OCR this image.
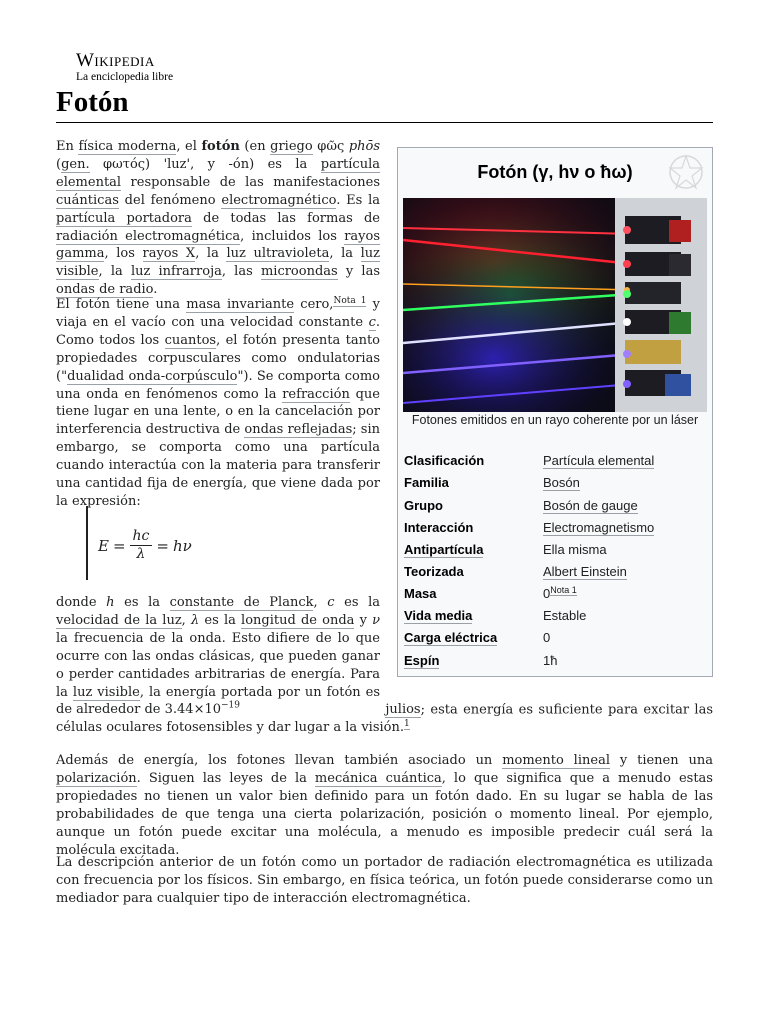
Wikipedia
La enciclopedia libre
Fotón

En física moderna, el fotón (en griego φῶς phōs (gen. φωτός) 'luz', y -ón) es la partícula elemental responsable de las manifestaciones cuánticas del fenómeno electromagnético. Es la partícula portadora de todas las formas de radiación electromagnética, incluidos los rayos gamma, los rayos X, la luz ultravioleta, la luz visible, la luz infrarroja, las microondas y las ondas de radio.

El fotón tiene una masa invariante cero,$^{Nota 1}$ y viaja en el vacío con una velocidad constante c. Como todos los cuantos, el fotón presenta tanto propiedades corpusculares como ondulatorias ("dualidad onda-corpúsculo"). Se comporta como una onda en fenómenos como la refracción que tiene lugar en una lente, o en la cancelación por interferencia destructiva de ondas reflejadas; sin embargo, se comporta como una partícula cuando interactúa con la materia para transferir una cantidad fija de energía, que viene dada por la expresión:

$E = \frac{hc}{\lambda} = h\nu$

donde h es la constante de Planck, c es la velocidad de la luz, λ es la longitud de onda y ν la frecuencia de la onda. Esto difiere de lo que ocurre con las ondas clásicas, que pueden ganar o perder cantidades arbitrarias de energía. Para la luz visible, la energía portada por un fotón es de alrededor de $3.44\times 10^{-19}$	julios; esta energía es suficiente para excitar las células oculares fotosensibles y dar lugar a la visión.$^1$

Además de energía, los fotones llevan también asociado un momento lineal y tienen una polarización. Siguen las leyes de la mecánica cuántica, lo que significa que a menudo estas propiedades no tienen un valor bien definido para un fotón dado. En su lugar se habla de las probabilidades de que tenga una cierta polarización, posición o momento lineal. Por ejemplo, aunque un fotón puede excitar una molécula, a menudo es imposible predecir cuál será la molécula excitada.

La descripción anterior de un fotón como un portador de radiación electromagnética es utilizada con frecuencia por los físicos. Sin embargo, en física teórica, un fotón puede considerarse como un mediador para cualquier tipo de interacción electromagnética.

Fotón (γ, hν o ħω)
Fotones emitidos en un rayo coherente por un láser
Clasificación	Partícula elemental
Familia	Bosón
Grupo	Bosón de gauge
Interacción	Electromagnetismo
Antipartícula	Ella misma
Teorizada	Albert Einstein
Masa	$0^{Nota 1}$
Vida media	Estable
Carga eléctrica	0
Espín	1ħ
